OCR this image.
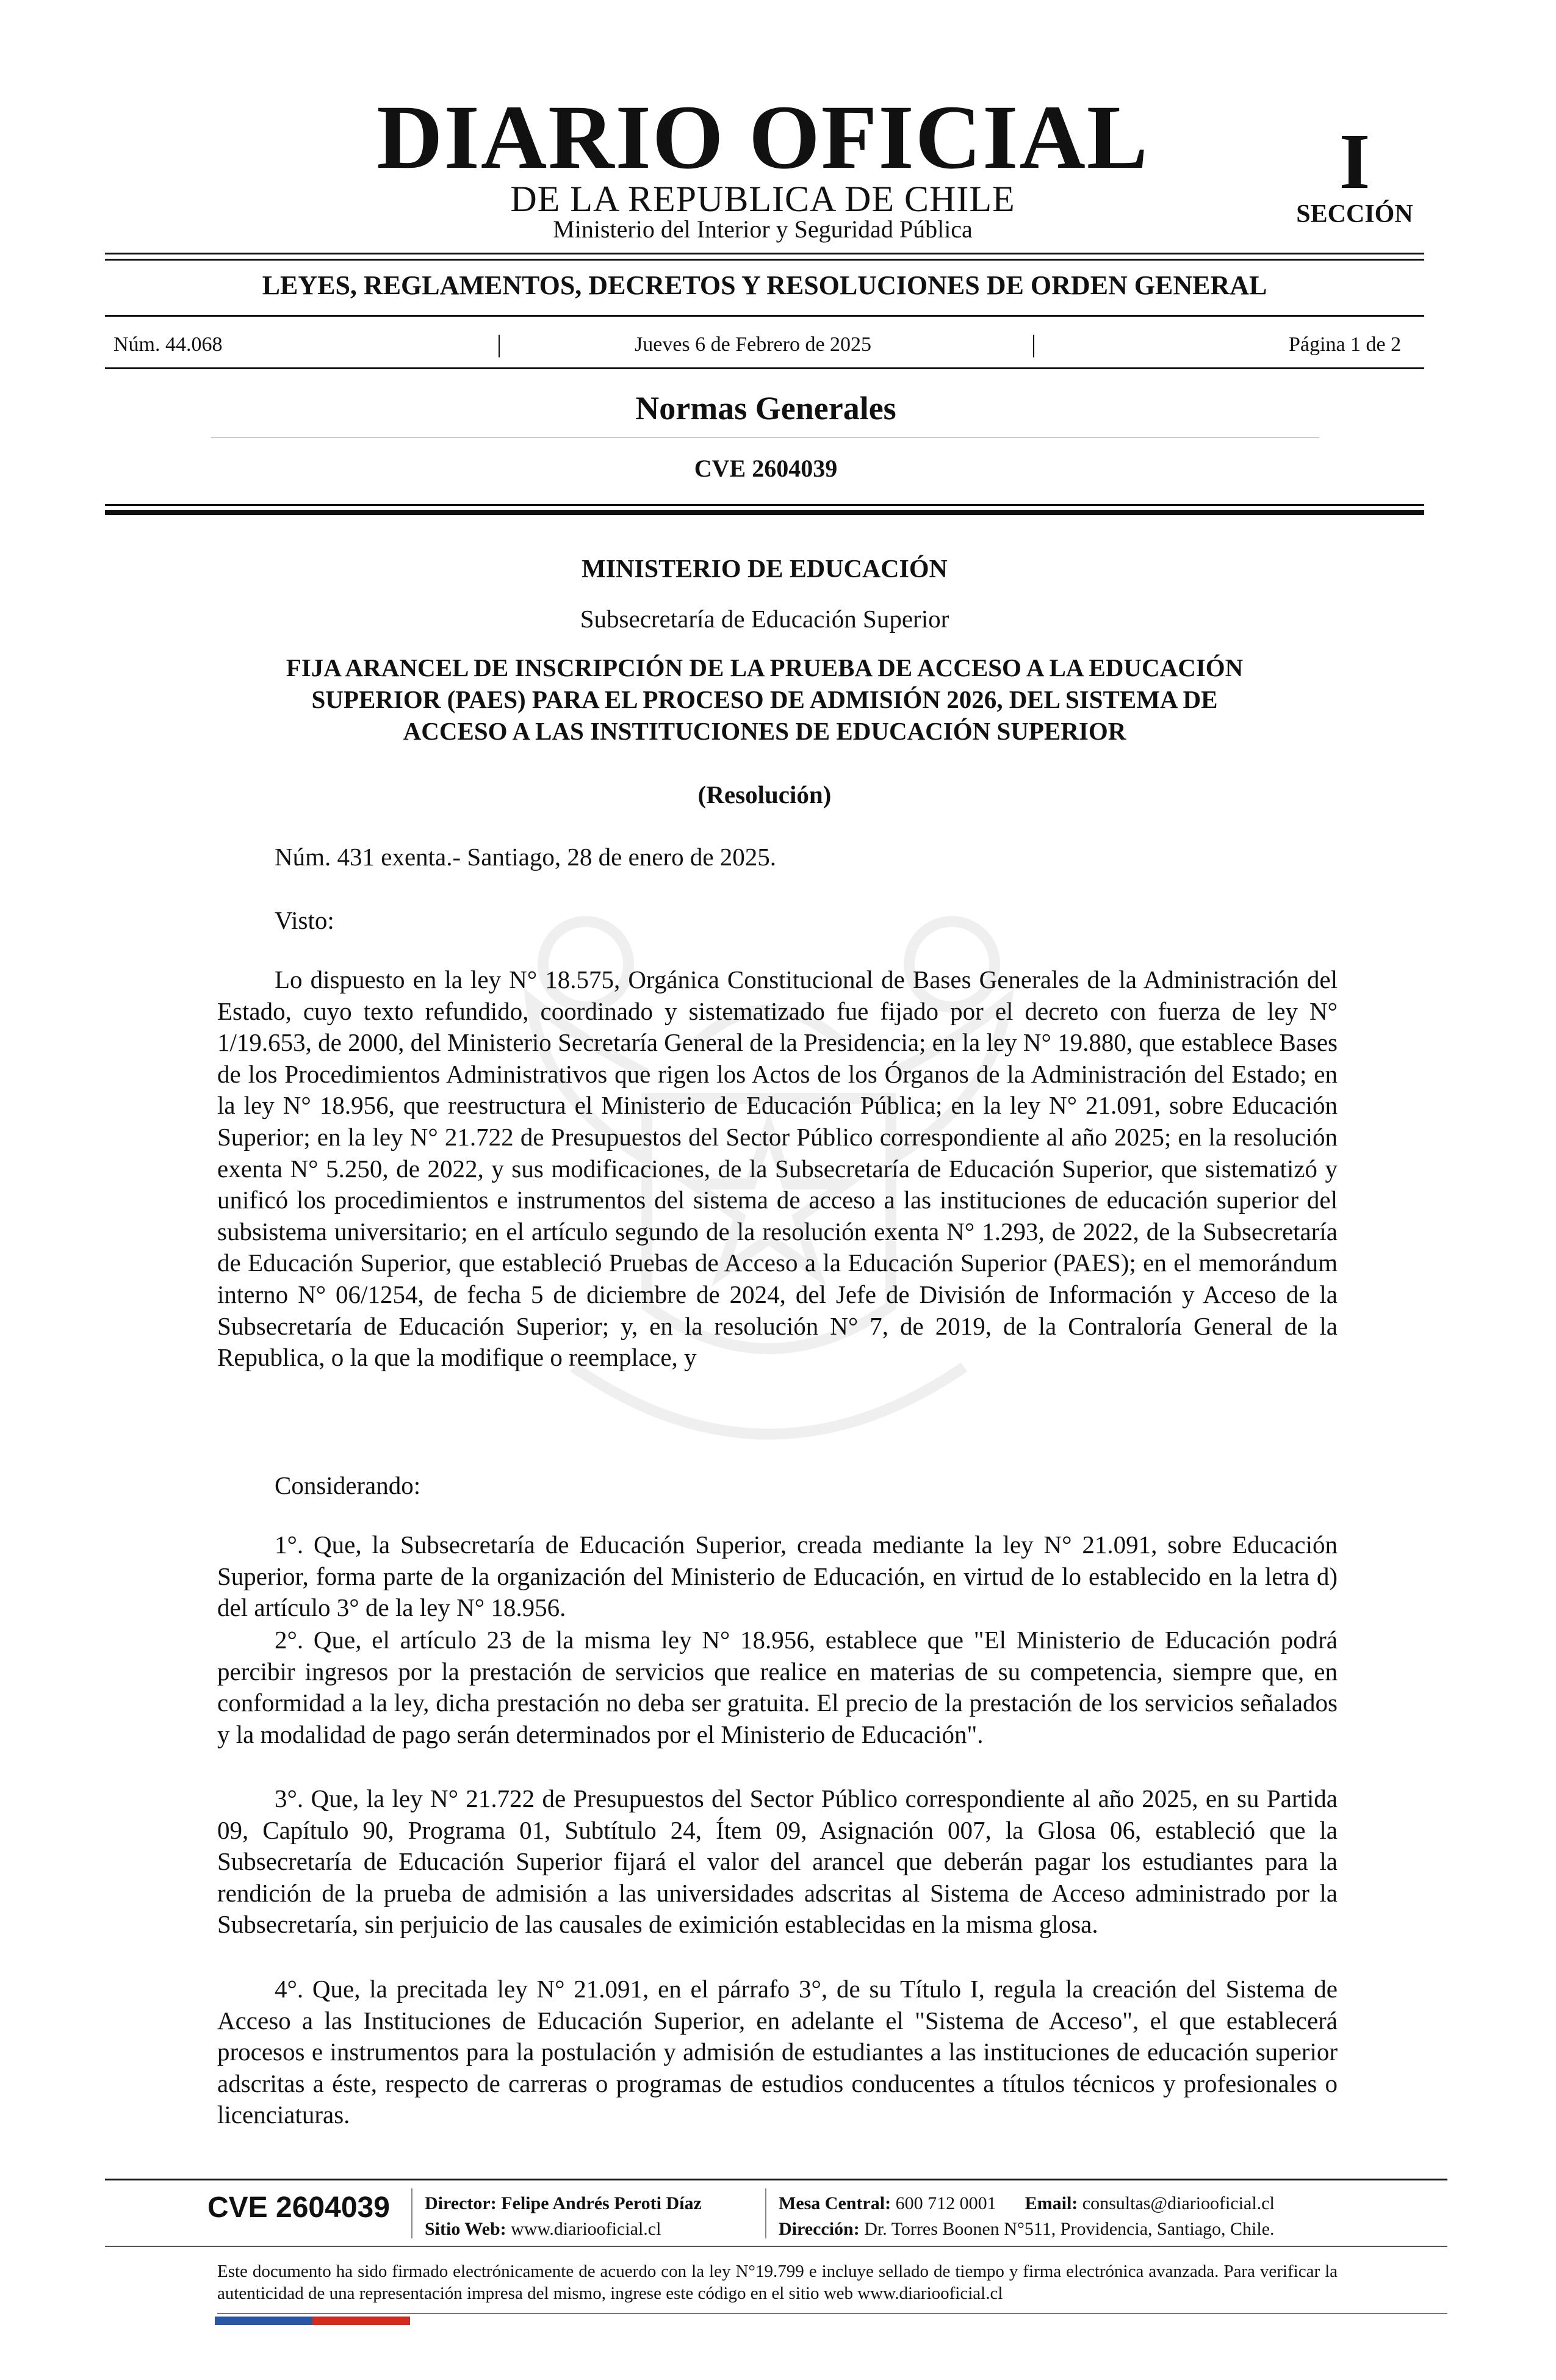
DIARIO OFICIAL
DE LA REPUBLICA DE CHILE
Ministerio del Interior y Seguridad Pública
I
SECCIÓN
LEYES, REGLAMENTOS, DECRETOS Y RESOLUCIONES DE ORDEN GENERAL
Núm. 44.068	|	Jueves 6 de Febrero de 2025	|	Página 1 de 2
Normas Generales
CVE 2604039
MINISTERIO DE EDUCACIÓN
Subsecretaría de Educación Superior
FIJA ARANCEL DE INSCRIPCIÓN DE LA PRUEBA DE ACCESO A LA EDUCACIÓN
SUPERIOR (PAES) PARA EL PROCESO DE ADMISIÓN 2026, DEL SISTEMA DE
ACCESO A LAS INSTITUCIONES DE EDUCACIÓN SUPERIOR
(Resolución)
Núm. 431 exenta.- Santiago, 28 de enero de 2025.
Visto:

Lo dispuesto en la ley N° 18.575, Orgánica Constitucional de Bases Generales de la Administración del Estado, cuyo texto refundido, coordinado y sistematizado fue fijado por el decreto con fuerza de ley N° 1/19.653, de 2000, del Ministerio Secretaría General de la Presidencia; en la ley N° 19.880, que establece Bases de los Procedimientos Administrativos que rigen los Actos de los Órganos de la Administración del Estado; en la ley N° 18.956, que reestructura el Ministerio de Educación Pública; en la ley N° 21.091, sobre Educación Superior; en la ley N° 21.722 de Presupuestos del Sector Público correspondiente al año 2025; en la resolución exenta N° 5.250, de 2022, y sus modificaciones, de la Subsecretaría de Educación Superior, que sistematizó y unificó los procedimientos e instrumentos del sistema de acceso a las instituciones de educación superior del subsistema universitario; en el artículo segundo de la resolución exenta N° 1.293, de 2022, de la Subsecretaría de Educación Superior, que estableció Pruebas de Acceso a la Educación Superior (PAES); en el memorándum interno N° 06/1254, de fecha 5 de diciembre de 2024, del Jefe de División de Información y Acceso de la Subsecretaría de Educación Superior; y, en la resolución N° 7, de 2019, de la Contraloría General de la Republica, o la que la modifique o reemplace, y

Considerando:

1°. Que, la Subsecretaría de Educación Superior, creada mediante la ley N° 21.091, sobre Educación Superior, forma parte de la organización del Ministerio de Educación, en virtud de lo establecido en la letra d) del artículo 3° de la ley N° 18.956.

2°. Que, el artículo 23 de la misma ley N° 18.956, establece que "El Ministerio de Educación podrá percibir ingresos por la prestación de servicios que realice en materias de su competencia, siempre que, en conformidad a la ley, dicha prestación no deba ser gratuita. El precio de la prestación de los servicios señalados y la modalidad de pago serán determinados por el Ministerio de Educación".

3°. Que, la ley N° 21.722 de Presupuestos del Sector Público correspondiente al año 2025, en su Partida 09, Capítulo 90, Programa 01, Subtítulo 24, Ítem 09, Asignación 007, la Glosa 06, estableció que la Subsecretaría de Educación Superior fijará el valor del arancel que deberán pagar los estudiantes para la rendición de la prueba de admisión a las universidades adscritas al Sistema de Acceso administrado por la Subsecretaría, sin perjuicio de las causales de eximición establecidas en la misma glosa.

4°. Que, la precitada ley N° 21.091, en el párrafo 3°, de su Título I, regula la creación del Sistema de Acceso a las Instituciones de Educación Superior, en adelante el "Sistema de Acceso", el que establecerá procesos e instrumentos para la postulación y admisión de estudiantes a las instituciones de educación superior adscritas a éste, respecto de carreras o programas de estudios conducentes a títulos técnicos y profesionales o licenciaturas.

CVE 2604039 Director: Felipe Andrés Peroti Díaz
Sitio Web: www.diariooficial.cl
Mesa Central: 600 712 0001 Email: consultas@diariooficial.cl
Dirección: Dr. Torres Boonen N°511, Providencia, Santiago, Chile.

Este documento ha sido firmado electrónicamente de acuerdo con la ley N°19.799 e incluye sellado de tiempo y firma electrónica avanzada. Para verificar la autenticidad de una representación impresa del mismo, ingrese este código en el sitio web www.diariooficial.cl
